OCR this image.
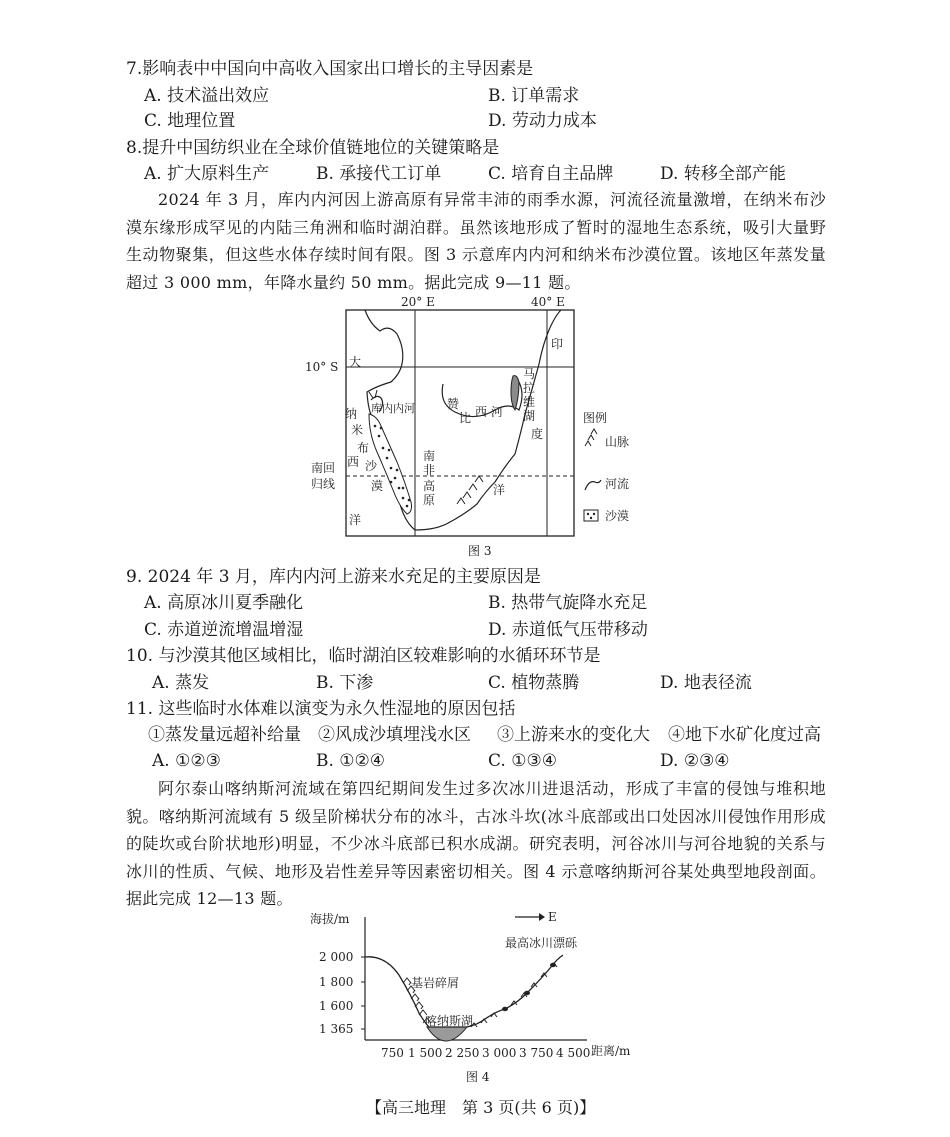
7.影响表中中国向中高收入国家出口增长的主导因素是
A. 技术溢出效应	B. 订单需求
C. 地理位置	D. 劳动力成本
8.提升中国纺织业在全球价值链地位的关键策略是
A. 扩大原料生产	B. 承接代工订单	C. 培育自主品牌	D. 转移全部产能
2024 年 3 月，库内内河因上游高原有异常丰沛的雨季水源，河流径流量激增，在纳米布沙漠东缘形成罕见的内陆三角洲和临时湖泊群。虽然该地形成了暂时的湿地生态系统，吸引大量野生动物聚集，但这些水体存续时间有限。图 3 示意库内内河和纳米布沙漠位置。该地区年蒸发量超过 3 000 mm，年降水量约 50 mm。据此完成 9—11 题。
10° S
20° E	40° E
南回
归线
大
西
洋
印
度
洋
纳
米
布
沙
漠
库内内河	赞
比 西 河
马
拉
维
湖
南
非
高
原
图例
山脉
河流
沙漠
图 3
9. 2024 年 3 月，库内内河上游来水充足的主要原因是
A. 高原冰川夏季融化	B. 热带气旋降水充足
C. 赤道逆流增温增湿	D. 赤道低气压带移动
10. 与沙漠其他区域相比，临时湖泊区较难影响的水循环环节是
A. 蒸发	B. 下渗	C. 植物蒸腾	D. 地表径流
11. 这些临时水体难以演变为永久性湿地的原因包括
①蒸发量远超补给量 ②风成沙填埋浅水区 ③上游来水的变化大 ④地下水矿化度过高
A. ①②③	B. ①②④	C. ①③④	D. ②③④
阿尔泰山喀纳斯河流域在第四纪期间发生过多次冰川进退活动，形成了丰富的侵蚀与堆积地貌。喀纳斯河流域有 5 级呈阶梯状分布的冰斗，古冰斗坎(冰斗底部或出口处因冰川侵蚀作用形成的陡坎或台阶状地形)明显，不少冰斗底部已积水成湖。研究表明，河谷冰川与河谷地貌的关系与冰川的性质、气候、地形及岩性差异等因素密切相关。图 4 示意喀纳斯河谷某处典型地段剖面。据此完成 12—13 题。
海拔/m
距离/m
2 000
1 800
1 600
1 365
750 1 500 2 250 3 000 3 750 4 500
E
基岩碎屑
喀纳斯湖
最高冰川漂砾
图 4
【高三地理　第 3 页(共 6 页)】
